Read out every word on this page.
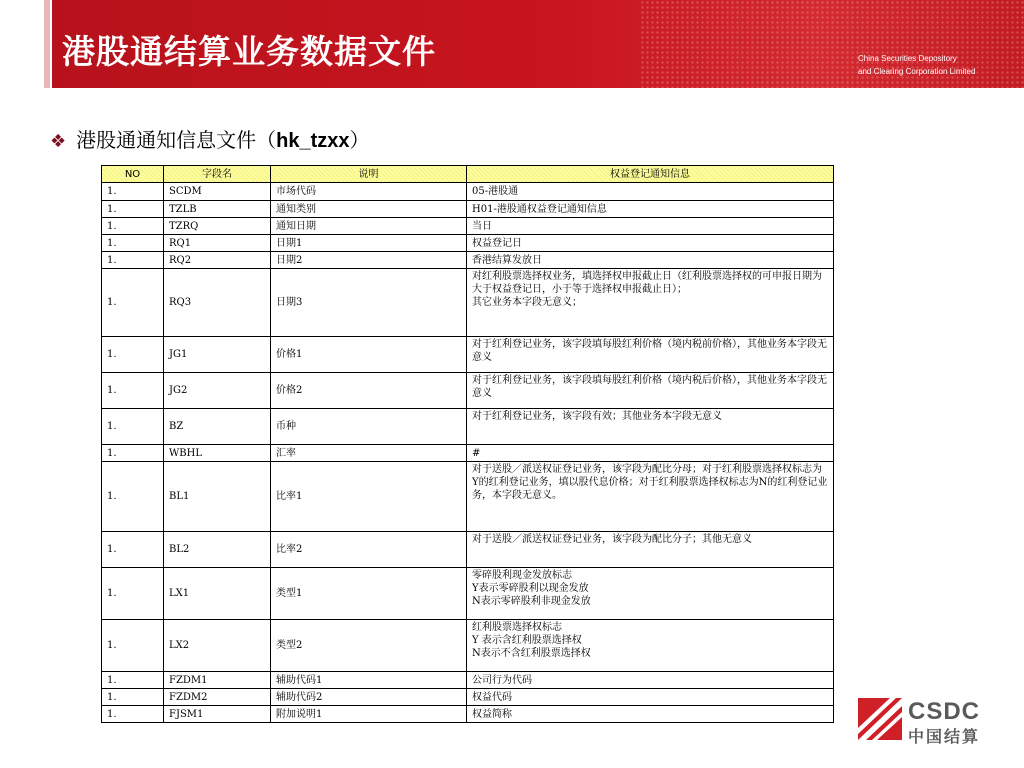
港股通结算业务数据文件	China Securities Depository
and Clearing Corporation Limited
❖ 港股通通知信息文件（hk_tzxx）
NO	字段名	说明	权益登记通知信息
1.	SCDM	市场代码	05-港股通
1.	TZLB	通知类别	H01-港股通权益登记通知信息
1.	TZRQ	通知日期	当日
1.	RQ1	日期1	权益登记日
1.	RQ2	日期2	香港结算发放日
1.	RQ3	日期3	对红利股票选择权业务，填选择权申报截止日（红利股票选择权的可申报日期为大于权益登记日，小于等于选择权申报截止日）；
其它业务本字段无意义；
1.	JG1	价格1	对于红利登记业务，该字段填每股红利价格（境内税前价格），其他业务本字段无意义
1.	JG2	价格2	对于红利登记业务，该字段填每股红利价格（境内税后价格），其他业务本字段无意义
1.	BZ	币种	对于红利登记业务，该字段有效；其他业务本字段无意义
1.	WBHL	汇率	#
1.	BL1	比率1	对于送股／派送权证登记业务，该字段为配比分母；对于红利股票选择权标志为Y的红利登记业务，填以股代息价格；对于红利股票选择权标志为N的红利登记业务，本字段无意义。
1.	BL2	比率2	对于送股／派送权证登记业务，该字段为配比分子；其他无意义
1.	LX1	类型1	零碎股利现金发放标志
Y表示零碎股利以现金发放
N表示零碎股利非现金发放
1.	LX2	类型2	红利股票选择权标志
Y 表示含红利股票选择权
N表示不含红利股票选择权
1.	FZDM1	辅助代码1	公司行为代码
1.	FZDM2	辅助代码2	权益代码
1.	FJSM1	附加说明1	权益简称	CSDC
中国结算
